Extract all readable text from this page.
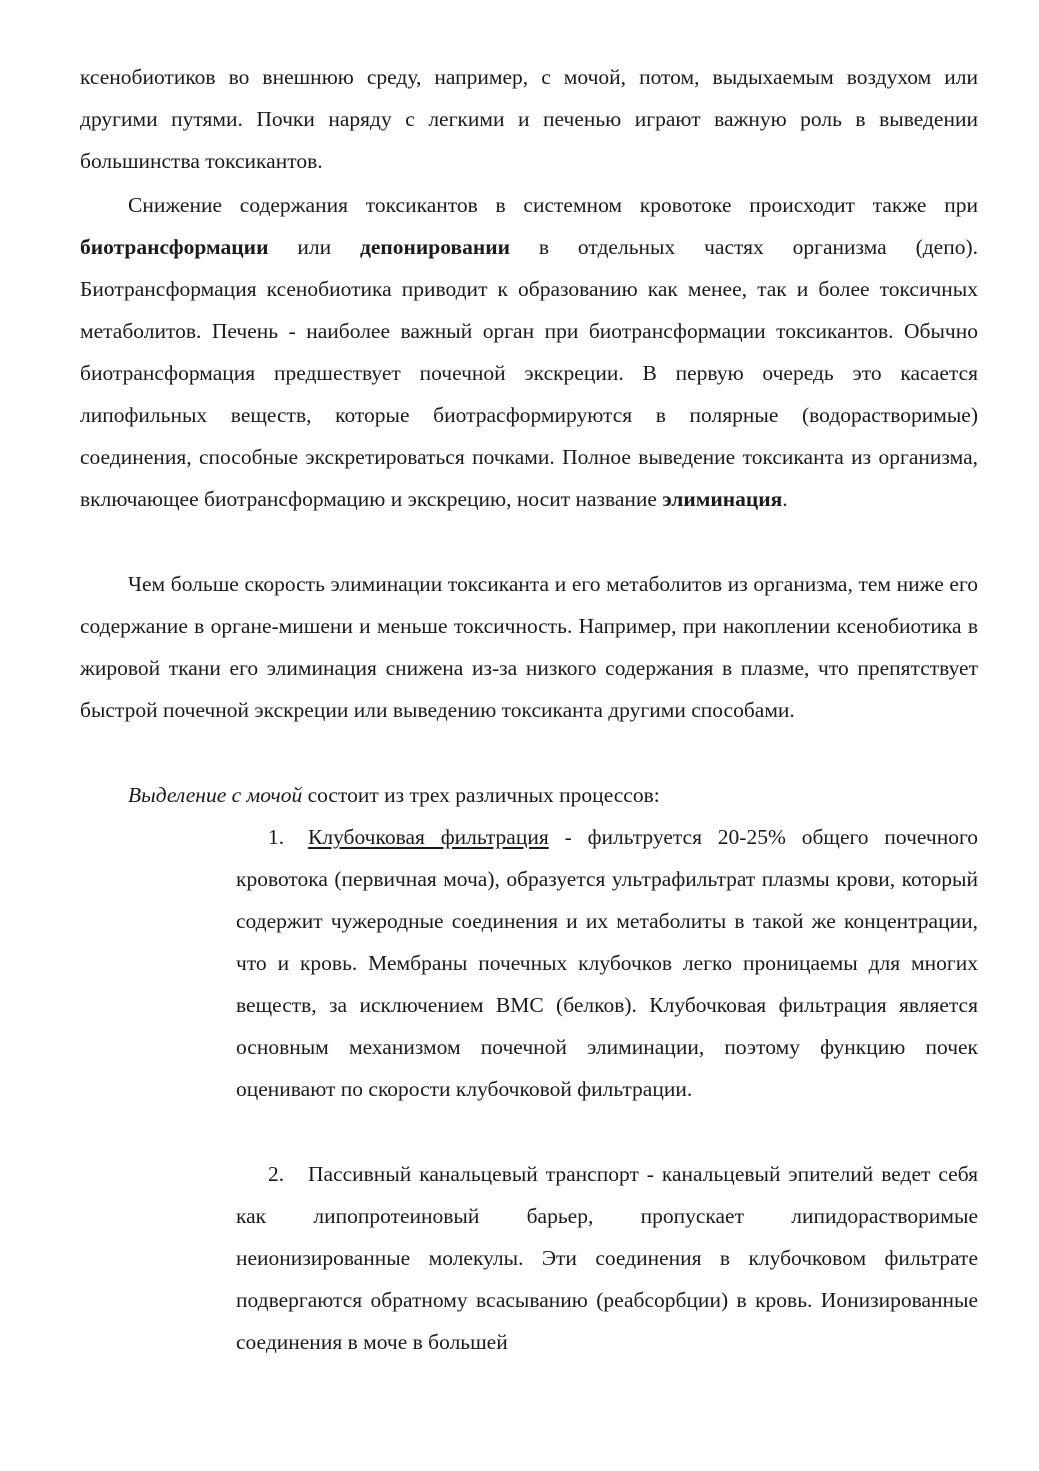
ксенобиотиков во внешнюю среду, например, с мочой, потом, выдыхаемым воздухом или другими путями. Почки наряду с легкими и печенью играют важную роль в выведении большинства токсикантов.

Снижение содержания токсикантов в системном кровотоке происходит также при биотрансформации или депонировании в отдельных частях организма (депо). Биотрансформация ксенобиотика приводит к образованию как менее, так и более токсичных метаболитов. Печень - наиболее важный орган при биотрансформации токсикантов. Обычно биотрансформация предшествует почечной экскреции. В первую очередь это касается липофильных веществ, которые биотрасформируются в полярные (водорастворимые) соединения, способные экскретироваться почками. Полное выведение токсиканта из организма, включающее биотрансформацию и экскрецию, носит название элиминация.

Чем больше скорость элиминации токсиканта и его метаболитов из организма, тем ниже его содержание в органе-мишени и меньше токсичность. Например, при накоплении ксенобиотика в жировой ткани его элиминация снижена из-за низкого содержания в плазме, что препятствует быстрой почечной экскреции или выведению токсиканта другими способами.

Выделение с мочой состоит из трех различных процессов:

1. Клубочковая фильтрация - фильтруется 20-25% общего почечного кровотока (первичная моча), образуется ультрафильтрат плазмы крови, который содержит чужеродные соединения и их метаболиты в такой же концентрации, что и кровь. Мембраны почечных клубочков легко проницаемы для многих веществ, за исключением ВМС (белков). Клубочковая фильтрация является основным механизмом почечной элиминации, поэтому функцию почек оценивают по скорости клубочковой фильтрации.

2. Пассивный канальцевый транспорт - канальцевый эпителий ведет себя как липопротеиновый барьер, пропускает липидорастворимые неионизированные молекулы. Эти соединения в клубочковом фильтрате подвергаются обратному всасыванию (реабсорбции) в кровь. Ионизированные соединения в моче в большей
